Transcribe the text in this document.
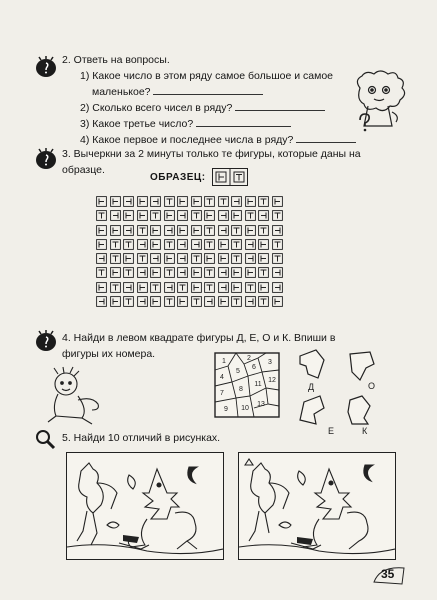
2. Ответь на вопросы.
1) Какое число в этом ряду самое большое и самое
маленькое?
2) Сколько всего чисел в ряду?
3) Какое третье число?
4) Какое первое и последнее числа в ряду?
3. Вычеркни за 2 минуты только те фигуры, которые даны на
образце.
ОБРАЗЕЦ:
4. Найди в левом квадрате фигуры Д, Е, О и К. Впиши в
фигуры их номера.
1	2
3
4
5
6
7
8
9 10
11
12
13
Д
Е
О
К
5. Найди 10 отличий в рисунках.
35
